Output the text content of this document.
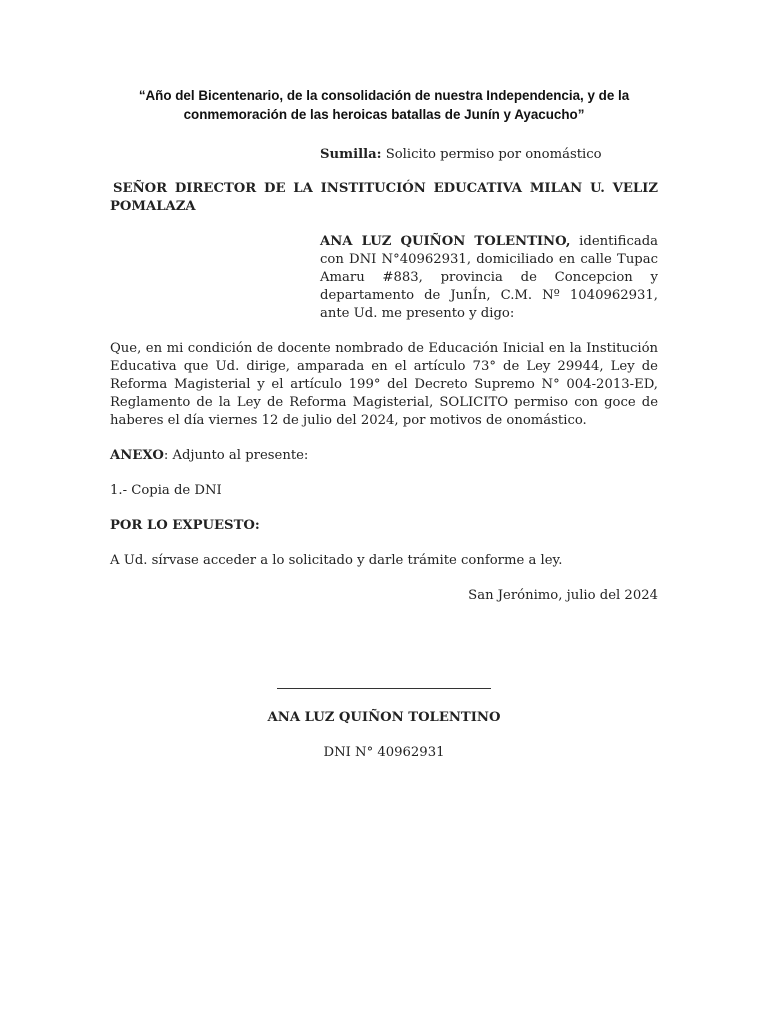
“Año del Bicentenario, de la consolidación de nuestra Independencia, y de la
conmemoración de las heroicas batallas de Junín y Ayacucho”
Sumilla: Solicito permiso por onomástico
SEÑOR DIRECTOR DE LA INSTITUCIÓN EDUCATIVA MILAN U. VELIZ
POMALAZA
ANA LUZ QUIÑON TOLENTINO, identificada con DNI N°40962931, domiciliado en calle Tupac Amaru #883, provincia de Concepcion y departamento de JunÍn, C.M. Nº 1040962931, ante Ud. me presento y digo:
Que, en mi condición de docente nombrado de Educación Inicial en la Institución Educativa que Ud. dirige, amparada en el artículo 73° de Ley 29944, Ley de Reforma Magisterial y el artículo 199° del Decreto Supremo N° 004-2013-ED, Reglamento de la Ley de Reforma Magisterial, SOLICITO permiso con goce de haberes el día viernes 12 de julio del 2024, por motivos de onomástico.
ANEXO: Adjunto al presente:
1.- Copia de DNI
POR LO EXPUESTO:
A Ud. sírvase acceder a lo solicitado y darle trámite conforme a ley.
San Jerónimo, julio del 2024
ANA LUZ QUIÑON TOLENTINO
DNI N° 40962931
